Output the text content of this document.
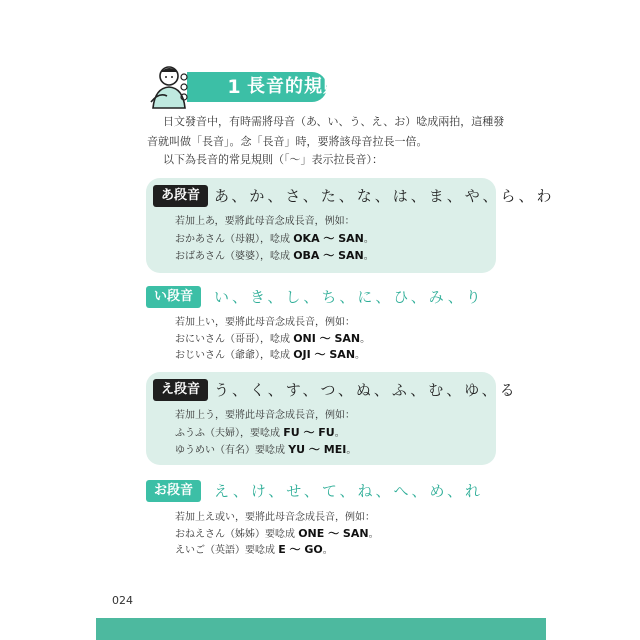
1 長音的規則
日文發音中，有時需將母音（あ、い、う、え、お）唸成兩拍，這種發
音就叫做「長音」。念「長音」時，要將該母音拉長一倍。
以下為長音的常見規則（「～」表示拉長音）：
あ段音 あ、か、さ、た、な、は、ま、や、ら、わ
若加上あ，要將此母音念成長音，例如：
おかあさん（母親），唸成 OKA ～ SAN。
おばあさん（婆婆），唸成 OBA ～ SAN。
い段音	い、き、し、ち、に、ひ、み、り
若加上い，要將此母音念成長音，例如：
おにいさん（哥哥），唸成 ONI ～ SAN。
おじいさん（爺爺），唸成 OJI ～ SAN。
え段音 う、く、す、つ、ぬ、ふ、む、ゆ、る
若加上う，要將此母音念成長音，例如：
ふうふ（夫婦），要唸成 FU ～ FU。
ゆうめい（有名）要唸成 YU ～ MEI。
お段音	え、け、せ、て、ね、へ、め、れ
若加上え或い，要將此母音念成長音，例如：
おねえさん（姊姊）要唸成 ONE ～ SAN。
えいご（英語）要唸成 E ～ GO。
024
